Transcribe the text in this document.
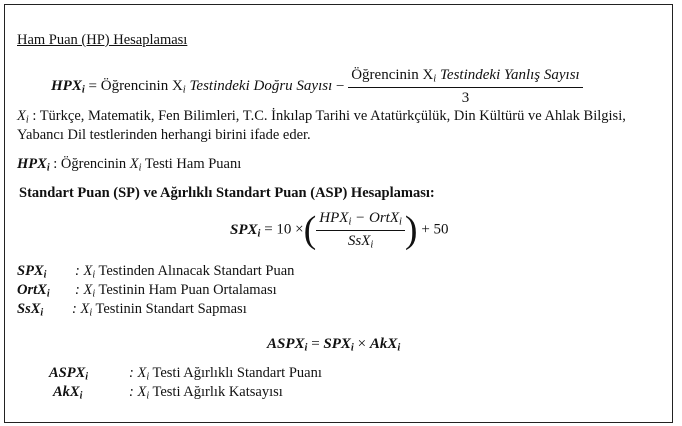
Ham Puan (HP) Hesaplaması
$HPX_i$ = Öğrencinin $X_i$ Testindeki Doğru Sayısı − $\frac{Öğrencinin X_i Testindeki Yanlış Sayısı}{3}$
$X_i$ : Türkçe, Matematik, Fen Bilimleri, T.C. İnkılap Tarihi ve Atatürkçülük, Din Kültürü ve Ahlak Bilgisi,
Yabancı Dil testlerinden herhangi birini ifade eder.
$HPX_i$ : Öğrencinin $X_i$ Testi Ham Puanı
Standart Puan (SP) ve Ağırlıklı Standart Puan (ASP) Hesaplaması:
$SPX_i = 10$ ×( $\frac{HPX_i - OrtX_i}{SsX_i}$ ) + 50
$SPX_i$ : $X_i$ Testinden Alınacak Standart Puan
OrtX$_i$ : $X_i$ Testinin Ham Puan Ortalaması
SsX$_i$ : $X_i$ Testinin Standart Sapması
$ASPX_i = SPX_i \times AkX_i$
$ASPX_i$	: $X_i$ Testi Ağırlıklı Standart Puanı
AkX$_i$	: $X_i$ Testi Ağırlık Katsayısı
